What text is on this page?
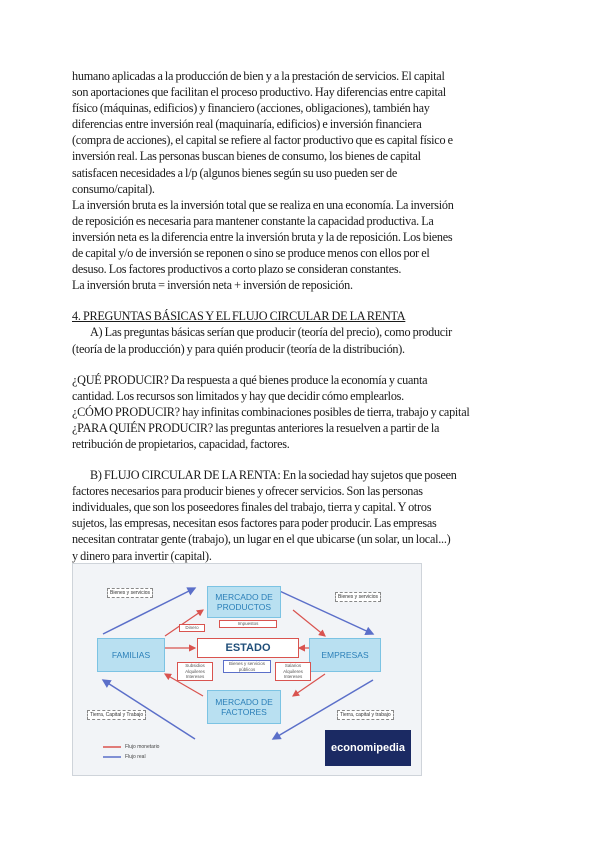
humano aplicadas a la producción de bien y a la prestación de servicios. El capital

son aportaciones que facilitan el proceso productivo. Hay diferencias entre capital

físico (máquinas, edificios) y financiero (acciones, obligaciones), también hay

diferencias entre inversión real (maquinaría, edificios) e inversión financiera

(compra de acciones), el capital se refiere al factor productivo que es capital físico e

inversión real. Las personas buscan bienes de consumo, los bienes de capital

satisfacen necesidades a l/p (algunos bienes según su uso pueden ser de

consumo/capital).

La inversión bruta es la inversión total que se realiza en una economía. La inversión

de reposición es necesaria para mantener constante la capacidad productiva. La

inversión neta es la diferencia entre la inversión bruta y la de reposición. Los bienes

de capital y/o de inversión se reponen o sino se produce menos con ellos por el

desuso. Los factores productivos a corto plazo se consideran constantes.

La inversión bruta = inversión neta + inversión de reposición.

4. PREGUNTAS BÁSICAS Y EL FLUJO CIRCULAR DE LA RENTA

A) Las preguntas básicas serían que producir (teoría del precio), como producir

(teoría de la producción) y para quién producir (teoría de la distribución).

¿QUÉ PRODUCIR? Da respuesta a qué bienes produce la economía y cuanta

cantidad. Los recursos son limitados y hay que decidir cómo emplearlos.

¿CÓMO PRODUCIR? hay infinitas combinaciones posibles de tierra, trabajo y capital

¿PARA QUIÉN PRODUCIR? las preguntas anteriores la resuelven a partir de la

retribución de propietarios, capacidad, factores.

B) FLUJO CIRCULAR DE LA RENTA: En la sociedad hay sujetos que poseen

factores necesarios para producir bienes y ofrecer servicios. Son las personas

individuales, que son los poseedores finales del trabajo, tierra y capital. Y otros

sujetos, las empresas, necesitan esos factores para poder producir. Las empresas

necesitan contratar gente (trabajo), un lugar en el que ubicarse (un solar, un local...)

y dinero para invertir (capital).

MERCADO DE PRODUCTOS
FAMILIAS	EMPRESAS
MERCADO DE FACTORES
ESTADO
Bienes y servicios
Bienes y servicios
Tierra, Capital y Trabajo	Tierra, capital y trabajo
Dinero
Impuestos
Bienes y servicios públicos
Subsidios Alquileres Intereses
Salarios Alquileres Intereses
Flujo monetario
Flujo real
economipedia
